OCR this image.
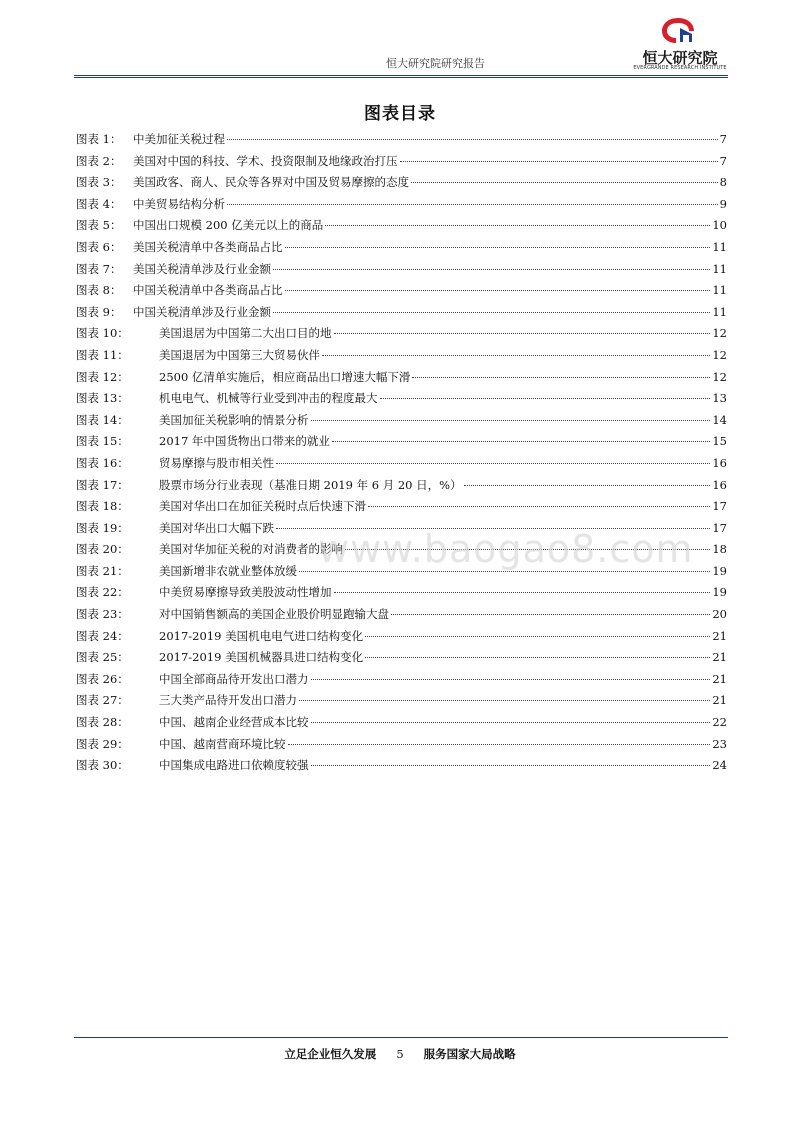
恒大研究院研究报告	恒大研究院
EVERGRANDE RESEARCH INSTITUTE
图表目录
图表 1：	中美加征关税过程	7
图表 2：	美国对中国的科技、学术、投资限制及地缘政治打压	7
图表 3：	美国政客、商人、民众等各界对中国及贸易摩擦的态度	8
图表 4：	中美贸易结构分析	9
图表 5：	中国出口规模 200 亿美元以上的商品	10
图表 6：	美国关税清单中各类商品占比	11
图表 7：	美国关税清单涉及行业金额	11
图表 8：	中国关税清单中各类商品占比	11
图表 9：	中国关税清单涉及行业金额	11
图表 10：	美国退居为中国第二大出口目的地	12
图表 11：	美国退居为中国第三大贸易伙伴	12
图表 12：	2500 亿清单实施后，相应商品出口增速大幅下滑	12
图表 13：	机电电气、机械等行业受到冲击的程度最大	13
图表 14：	美国加征关税影响的情景分析	14
图表 15：	2017 年中国货物出口带来的就业	15
图表 16：	贸易摩擦与股市相关性	16
图表 17：	股票市场分行业表现（基准日期 2019 年 6 月 20 日，%）	16
图表 18：	美国对华出口在加征关税时点后快速下滑	17
图表 19：	美国对华出口大幅下跌	17
图表 20：	美国对华加征关税的对消费者的影响	18
图表 21：	美国新增非农就业整体放缓	19
图表 22：	中美贸易摩擦导致美股波动性增加	19
图表 23：	对中国销售额高的美国企业股价明显跑输大盘	20
图表 24：	2017-2019 美国机电电气进口结构变化	21
图表 25：	2017-2019 美国机械器具进口结构变化	21
图表 26：	中国全部商品待开发出口潜力	21
图表 27：	三大类产品待开发出口潜力	21
图表 28：	中国、越南企业经营成本比较	22
图表 29：	中国、越南营商环境比较	23
图表 30：	中国集成电路进口依赖度较强	24
www.baogao8.com
立足企业恒久发展 5 服务国家大局战略
